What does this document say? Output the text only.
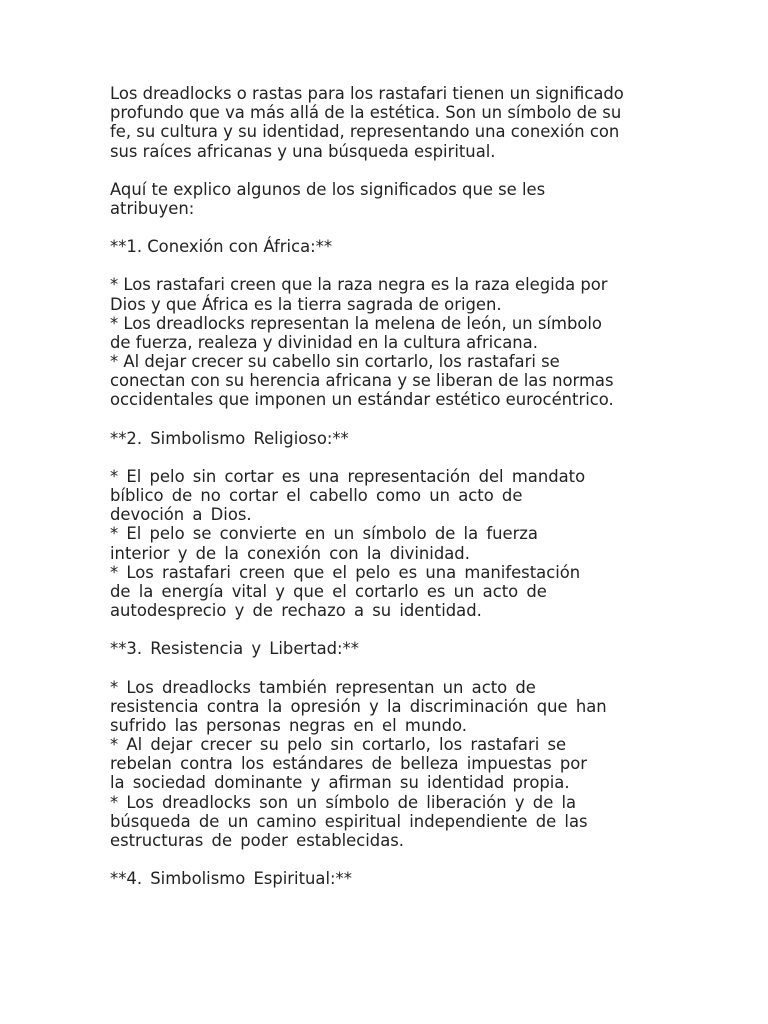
Los dreadlocks o rastas para los rastafari tienen un significado
profundo que va más allá de la estética. Son un símbolo de su
fe, su cultura y su identidad, representando una conexión con
sus raíces africanas y una búsqueda espiritual.
Aquí te explico algunos de los significados que se les
atribuyen:
**1. Conexión con África:**
* Los rastafari creen que la raza negra es la raza elegida por
Dios y que África es la tierra sagrada de origen.
* Los dreadlocks representan la melena de león, un símbolo
de fuerza, realeza y divinidad en la cultura africana.
* Al dejar crecer su cabello sin cortarlo, los rastafari se
conectan con su herencia africana y se liberan de las normas
occidentales que imponen un estándar estético eurocéntrico.
**2. Simbolismo Religioso:**
* El pelo sin cortar es una representación del mandato
bíblico de no cortar el cabello como un acto de
devoción a Dios.
* El pelo se convierte en un símbolo de la fuerza
interior y de la conexión con la divinidad.
* Los rastafari creen que el pelo es una manifestación
de la energía vital y que el cortarlo es un acto de
autodesprecio y de rechazo a su identidad.
**3. Resistencia y Libertad:**
* Los dreadlocks también representan un acto de
resistencia contra la opresión y la discriminación que han
sufrido las personas negras en el mundo.
* Al dejar crecer su pelo sin cortarlo, los rastafari se
rebelan contra los estándares de belleza impuestas por
la sociedad dominante y afirman su identidad propia.
* Los dreadlocks son un símbolo de liberación y de la
búsqueda de un camino espiritual independiente de las
estructuras de poder establecidas.
**4. Simbolismo Espiritual:**
